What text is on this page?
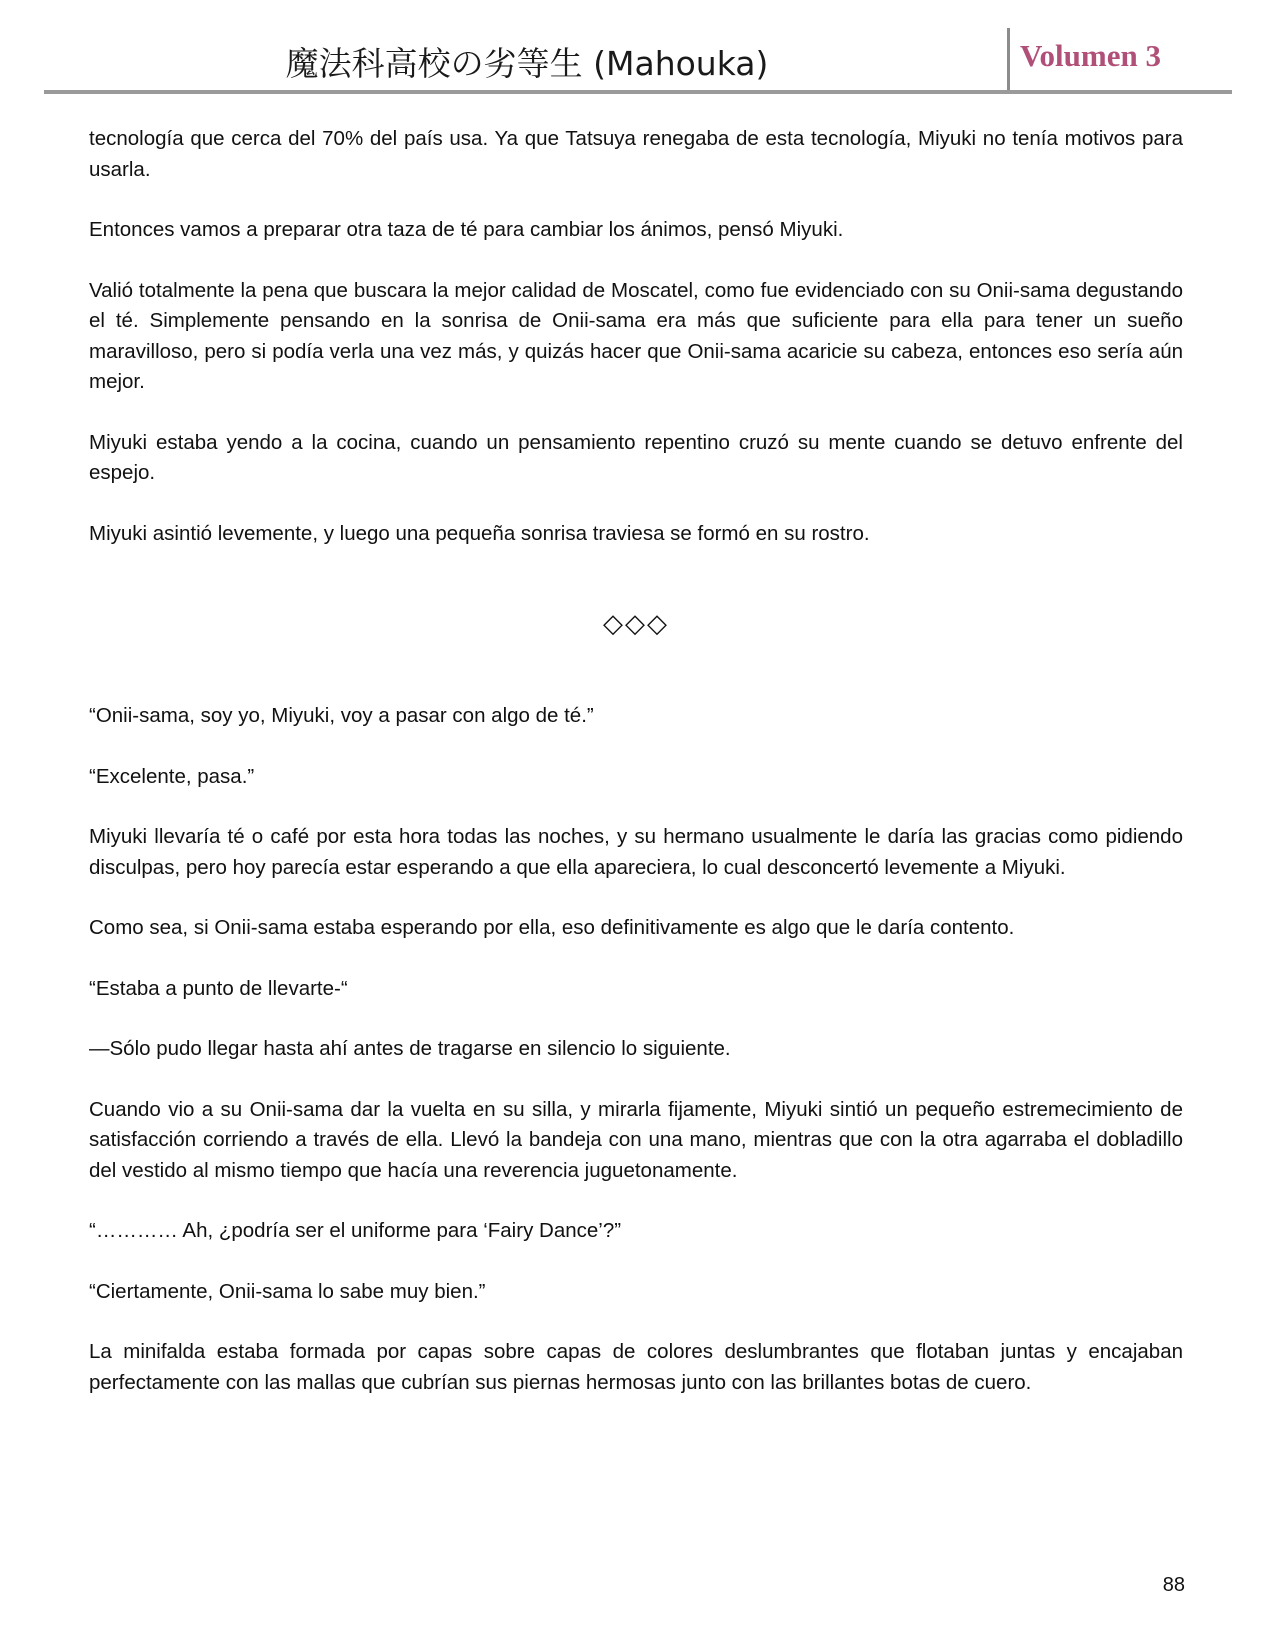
魔法科高校の劣等生 (Mahouka)	Volumen 3

tecnología que cerca del 70% del país usa. Ya que Tatsuya renegaba de esta tecnología, Miyuki no tenía motivos para usarla.

Entonces vamos a preparar otra taza de té para cambiar los ánimos, pensó Miyuki.

Valió totalmente la pena que buscara la mejor calidad de Moscatel, como fue evidenciado con su Onii-sama degustando el té. Simplemente pensando en la sonrisa de Onii-sama era más que suficiente para ella para tener un sueño maravilloso, pero si podía verla una vez más, y quizás hacer que Onii-sama acaricie su cabeza, entonces eso sería aún mejor.

Miyuki estaba yendo a la cocina, cuando un pensamiento repentino cruzó su mente cuando se detuvo enfrente del espejo.

Miyuki asintió levemente, y luego una pequeña sonrisa traviesa se formó en su rostro.

◇◇◇

“Onii-sama, soy yo, Miyuki, voy a pasar con algo de té.”

“Excelente, pasa.”

Miyuki llevaría té o café por esta hora todas las noches, y su hermano usualmente le daría las gracias como pidiendo disculpas, pero hoy parecía estar esperando a que ella apareciera, lo cual desconcertó levemente a Miyuki.

Como sea, si Onii-sama estaba esperando por ella, eso definitivamente es algo que le daría contento.

“Estaba a punto de llevarte-“

—Sólo pudo llegar hasta ahí antes de tragarse en silencio lo siguiente.

Cuando vio a su Onii-sama dar la vuelta en su silla, y mirarla fijamente, Miyuki sintió un pequeño estremecimiento de satisfacción corriendo a través de ella. Llevó la bandeja con una mano, mientras que con la otra agarraba el dobladillo del vestido al mismo tiempo que hacía una reverencia juguetonamente.

“………… Ah, ¿podría ser el uniforme para ‘Fairy Dance’?”

“Ciertamente, Onii-sama lo sabe muy bien.”

La minifalda estaba formada por capas sobre capas de colores deslumbrantes que flotaban juntas y encajaban perfectamente con las mallas que cubrían sus piernas hermosas junto con las brillantes botas de cuero.

88
